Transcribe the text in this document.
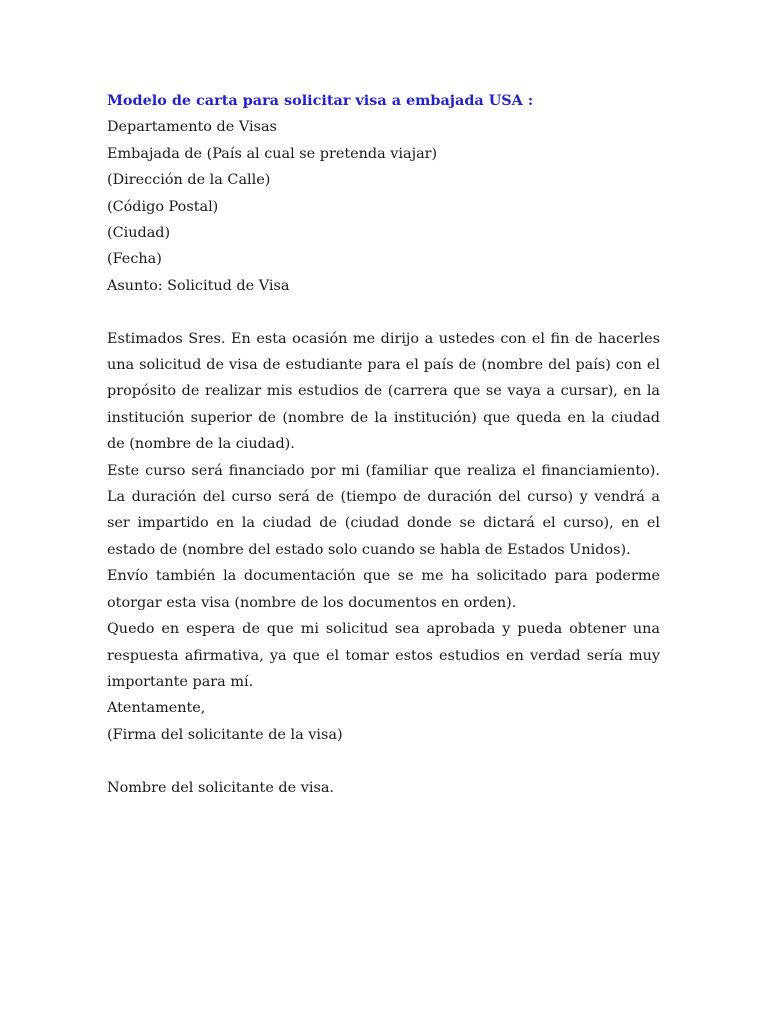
Modelo de carta para solicitar visa a embajada USA :

Departamento de Visas
Embajada de (País al cual se pretenda viajar)
(Dirección de la Calle)
(Código Postal)
(Ciudad)
(Fecha)
Asunto: Solicitud de Visa

Estimados Sres. En esta ocasión me dirijo a ustedes con el fin de hacerles una solicitud de visa de estudiante para el país de (nombre del país) con el propósito de realizar mis estudios de (carrera que se vaya a cursar), en la institución superior de (nombre de la institución) que queda en la ciudad de (nombre de la ciudad).

Este curso será financiado por mi (familiar que realiza el financiamiento). La duración del curso será de (tiempo de duración del curso) y vendrá a ser impartido en la ciudad de (ciudad donde se dictará el curso), en el estado de (nombre del estado solo cuando se habla de Estados Unidos).

Envío también la documentación que se me ha solicitado para poderme otorgar esta visa (nombre de los documentos en orden).

Quedo en espera de que mi solicitud sea aprobada y pueda obtener una respuesta afirmativa, ya que el tomar estos estudios en verdad sería muy importante para mí.

Atentamente,

(Firma del solicitante de la visa)

Nombre del solicitante de visa.
